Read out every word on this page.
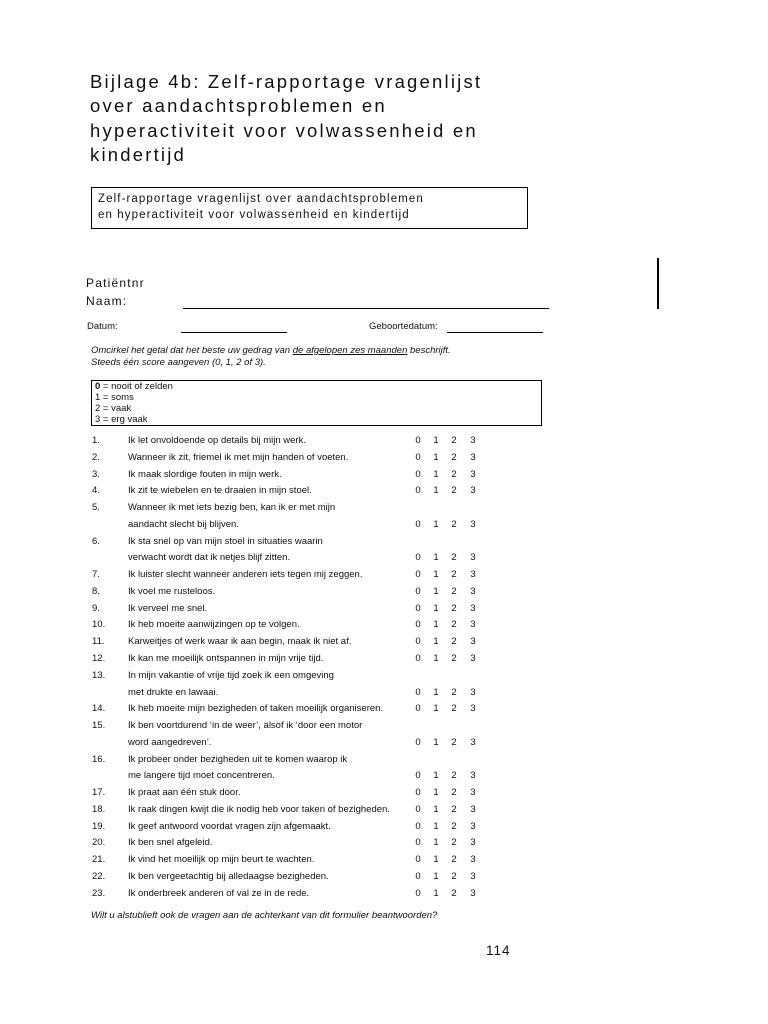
Bijlage 4b: Zelf-rapportage vragenlijst
over aandachtsproblemen en
hyperactiviteit voor volwassenheid en
kindertijd
Zelf-rapportage vragenlijst over aandachtsproblemen
en hyperactiviteit voor volwassenheid en kindertijd
Patiëntnr
Naam:
Datum:	Geboortedatum:
Omcirkel het getal dat het beste uw gedrag van de afgelopen zes maanden beschrijft.
Steeds één score aangeven (0, 1, 2 of 3).
0 = nooit of zelden
1 = soms
2 = vaak
3 = erg vaak
1.	Ik let onvoldoende op details bij mijn werk.	0 1 2 3
2.	Wanneer ik zit, friemel ik met mijn handen of voeten.	0 1 2 3
3.	Ik maak slordige fouten in mijn werk.	0 1 2 3
4.	Ik zit te wiebelen en te draaien in mijn stoel.	0 1 2 3
5.	Wanneer ik met iets bezig ben, kan ik er met mijn
aandacht slecht bij blijven.	0 1 2 3
6.	Ik sta snel op van mijn stoel in situaties waarin
verwacht wordt dat ik netjes blijf zitten.	0 1 2 3
7.	Ik luister slecht wanneer anderen iets tegen mij zeggen.	0 1 2 3
8.	Ik voel me rusteloos.	0 1 2 3
9.	Ik verveel me snel.	0 1 2 3
10. Ik heb moeite aanwijzingen op te volgen.	0 1 2 3
11. Karweitjes of werk waar ik aan begin, maak ik niet af.	0 1 2 3
12. Ik kan me moeilijk ontspannen in mijn vrije tijd.	0 1 2 3
13. In mijn vakantie of vrije tijd zoek ik een omgeving
met drukte en lawaai.	0 1 2 3
14. Ik heb moeite mijn bezigheden of taken moeilijk organiseren.	0 1 2 3
15. Ik ben voortdurend ‘in de weer’, alsof ik ‘door een motor
word aangedreven’.	0 1 2 3
16. Ik probeer onder bezigheden uit te komen waarop ik
me langere tijd moet concentreren.	0 1 2 3
17. Ik praat aan één stuk door.	0 1 2 3
18. Ik raak dingen kwijt die ik nodig heb voor taken of bezigheden.	0 1 2 3
19. Ik geef antwoord voordat vragen zijn afgemaakt.	0 1 2 3
20. Ik ben snel afgeleid.	0 1 2 3
21. Ik vind het moeilijk op mijn beurt te wachten.	0 1 2 3
22. Ik ben vergeetachtig bij alledaagse bezigheden.	0 1 2 3
23. Ik onderbreek anderen of val ze in de rede.	0 1 2 3
Wilt u alstublieft ook de vragen aan de achterkant van dit formulier beantwoorden?
114
